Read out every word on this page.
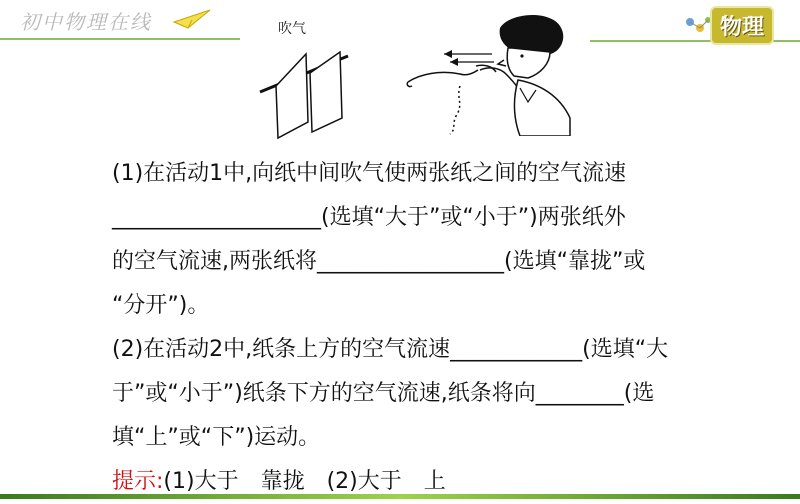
初中物理在线	物理
吹气
(1)在活动1中,向纸中间吹气使两张纸之间的空气流速
___________________(选填“大于”或“小于”)两张纸外
的空气流速,两张纸将_________________(选填“靠拢”或
“分开”)。
(2)在活动2中,纸条上方的空气流速____________(选填“大
于”或“小于”)纸条下方的空气流速,纸条将向________(选
填“上”或“下”)运动。
提示:(1)大于　靠拢　(2)大于　上
